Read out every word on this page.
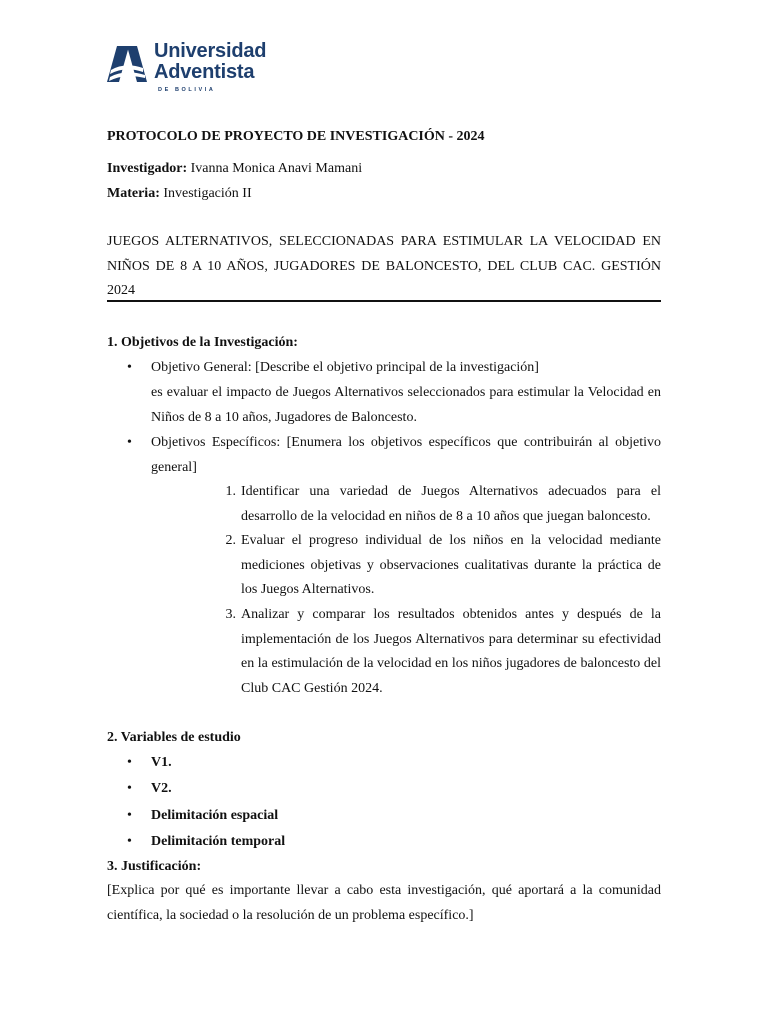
Universidad
Adventista
DE BOLIVIA
PROTOCOLO DE PROYECTO DE INVESTIGACIÓN - 2024
Investigador: Ivanna Monica Anavi Mamani
Materia: Investigación II
JUEGOS ALTERNATIVOS, SELECCIONADAS PARA ESTIMULAR LA VELOCIDAD EN NIÑOS DE 8 A 10 AÑOS, JUGADORES DE BALONCESTO, DEL CLUB CAC. GESTIÓN 2024
1. Objetivos de la Investigación:
• Objetivo General: [Describe el objetivo principal de la investigación]
es evaluar el impacto de Juegos Alternativos seleccionados para estimular la Velocidad en Niños de 8 a 10 años, Jugadores de Baloncesto.
• Objetivos Específicos: [Enumera los objetivos específicos que contribuirán al objetivo general]
1. Identificar una variedad de Juegos Alternativos adecuados para el desarrollo de la velocidad en niños de 8 a 10 años que juegan baloncesto.
2. Evaluar el progreso individual de los niños en la velocidad mediante mediciones objetivas y observaciones cualitativas durante la práctica de los Juegos Alternativos.
3. Analizar y comparar los resultados obtenidos antes y después de la implementación de los Juegos Alternativos para determinar su efectividad en la estimulación de la velocidad en los niños jugadores de baloncesto del Club CAC Gestión 2024.
2. Variables de estudio
• V1.
• V2.
• Delimitación espacial
• Delimitación temporal
3. Justificación:
[Explica por qué es importante llevar a cabo esta investigación, qué aportará a la comunidad científica, la sociedad o la resolución de un problema específico.]
